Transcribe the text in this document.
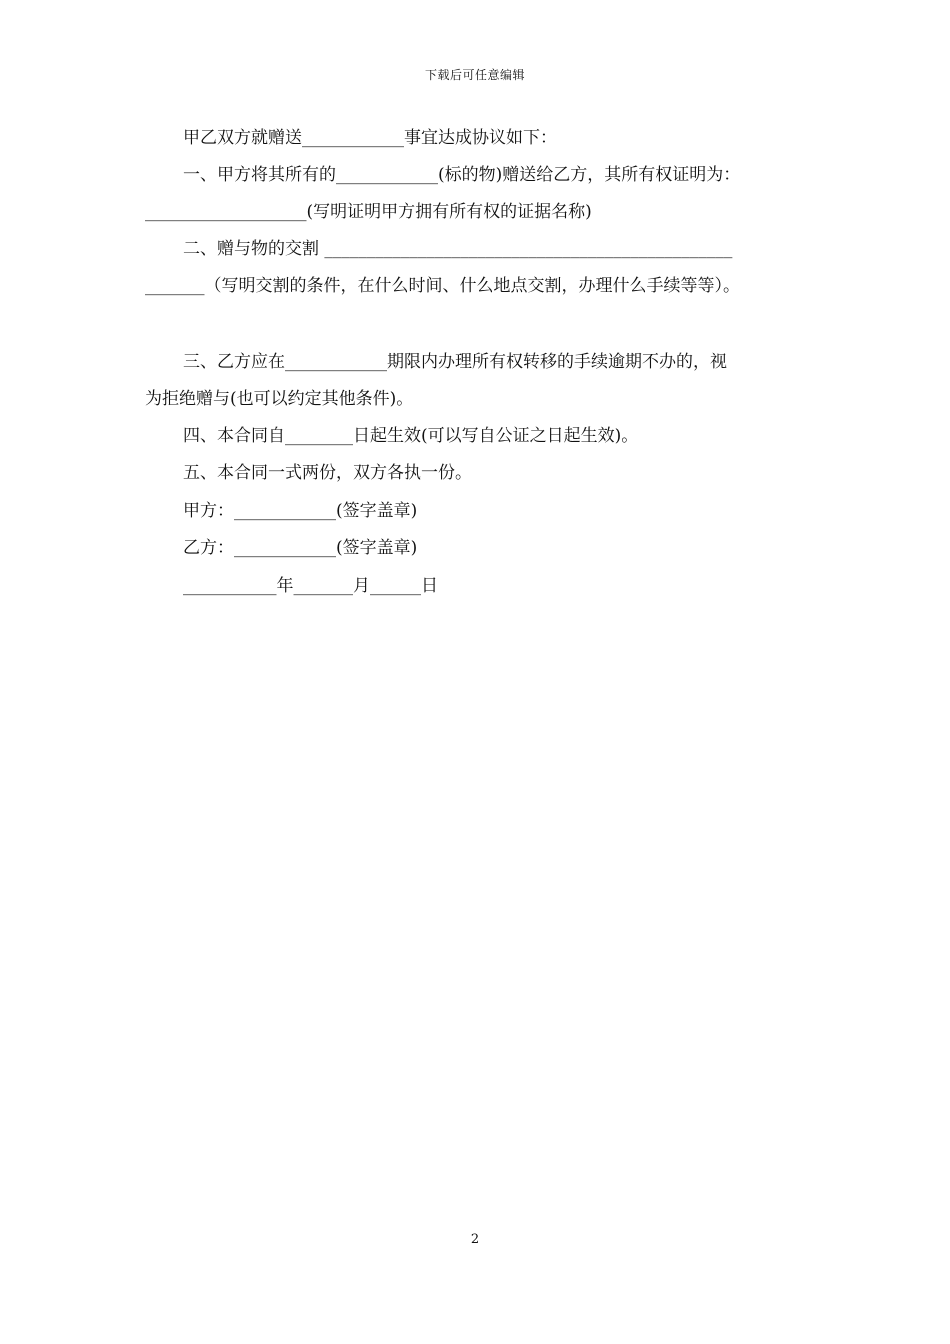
下载后可任意编辑
甲乙双方就赠送____________事宜达成协议如下：
一、甲方将其所有的____________(标的物)赠送给乙方，其所有权证明为：
___________________(写明证明甲方拥有所有权的证据名称)
二、赠与物的交割 ________________________________________________
_______（写明交割的条件，在什么时间、什么地点交割，办理什么手续等等）。
三、乙方应在____________期限内办理所有权转移的手续逾期不办的，视
为拒绝赠与(也可以约定其他条件)。
四、本合同自________日起生效(可以写自公证之日起生效)。
五、本合同一式两份，双方各执一份。
甲方：____________(签字盖章)
乙方：____________(签字盖章)
___________年_______月______日
2
